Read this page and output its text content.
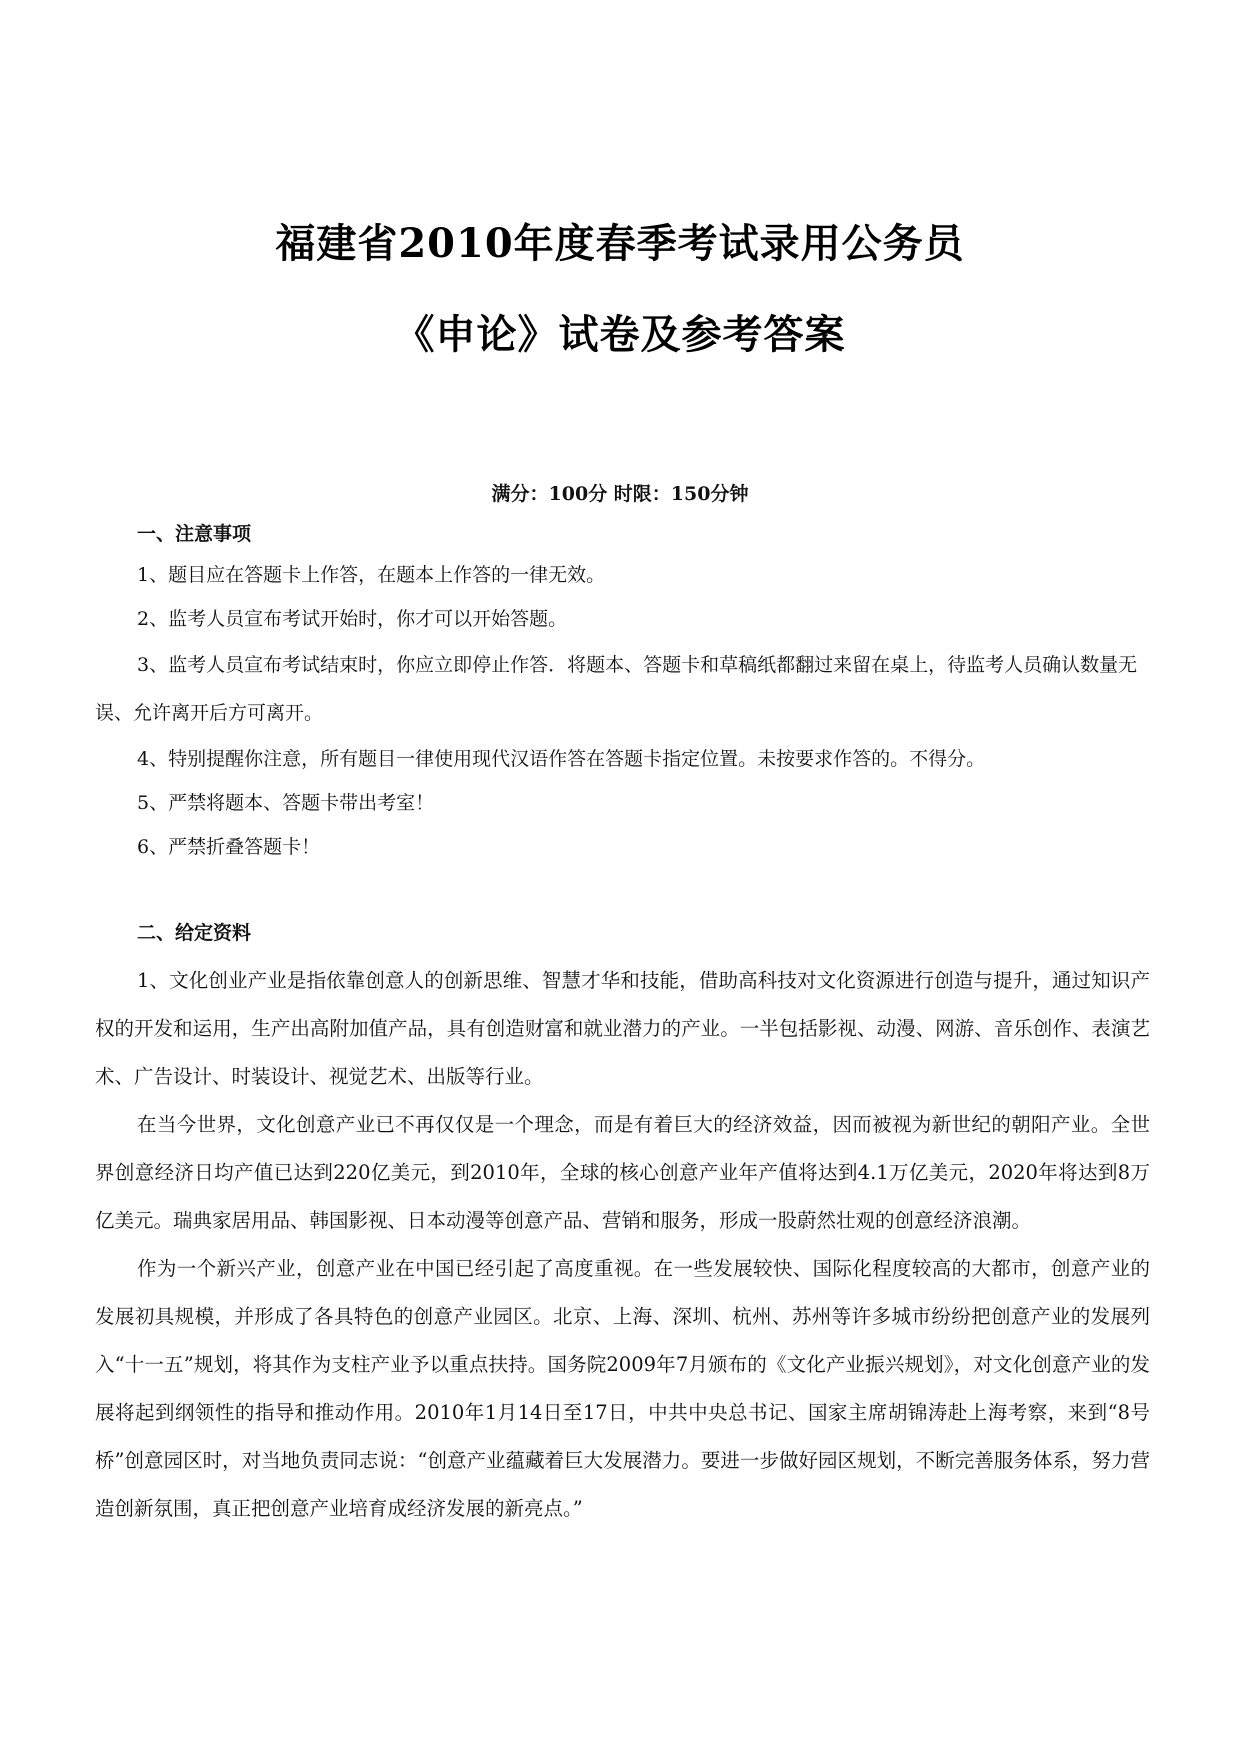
福建省2010年度春季考试录用公务员
《申论》试卷及参考答案
满分：100分 时限：150分钟
一、注意事项

1、题目应在答题卡上作答，在题本上作答的一律无效。

2、监考人员宣布考试开始时，你才可以开始答题。

3、监考人员宣布考试结束时，你应立即停止作答．将题本、答题卡和草稿纸都翻过来留在桌上，待监考人员确认数量无误、允许离开后方可离开。

4、特别提醒你注意，所有题目一律使用现代汉语作答在答题卡指定位置。未按要求作答的。不得分。

5、严禁将题本、答题卡带出考室！

6、严禁折叠答题卡！

二、给定资料

1、文化创业产业是指依靠创意人的创新思维、智慧才华和技能，借助高科技对文化资源进行创造与提升，通过知识产权的开发和运用，生产出高附加值产品，具有创造财富和就业潜力的产业。一半包括影视、动漫、网游、音乐创作、表演艺术、广告设计、时装设计、视觉艺术、出版等行业。

在当今世界，文化创意产业已不再仅仅是一个理念，而是有着巨大的经济效益，因而被视为新世纪的朝阳产业。全世界创意经济日均产值已达到220亿美元，到2010年，全球的核心创意产业年产值将达到4.1万亿美元，2020年将达到8万亿美元。瑞典家居用品、韩国影视、日本动漫等创意产品、营销和服务，形成一股蔚然壮观的创意经济浪潮。

作为一个新兴产业，创意产业在中国已经引起了高度重视。在一些发展较快、国际化程度较高的大都市，创意产业的发展初具规模，并形成了各具特色的创意产业园区。北京、上海、深圳、杭州、苏州等许多城市纷纷把创意产业的发展列入“十一五”规划，将其作为支柱产业予以重点扶持。国务院2009年7月颁布的《文化产业振兴规划》，对文化创意产业的发展将起到纲领性的指导和推动作用。2010年1月14日至17日，中共中央总书记、国家主席胡锦涛赴上海考察，来到“8号桥”创意园区时，对当地负责同志说：“创意产业蕴藏着巨大发展潜力。要进一步做好园区规划，不断完善服务体系，努力营造创新氛围，真正把创意产业培育成经济发展的新亮点。”
